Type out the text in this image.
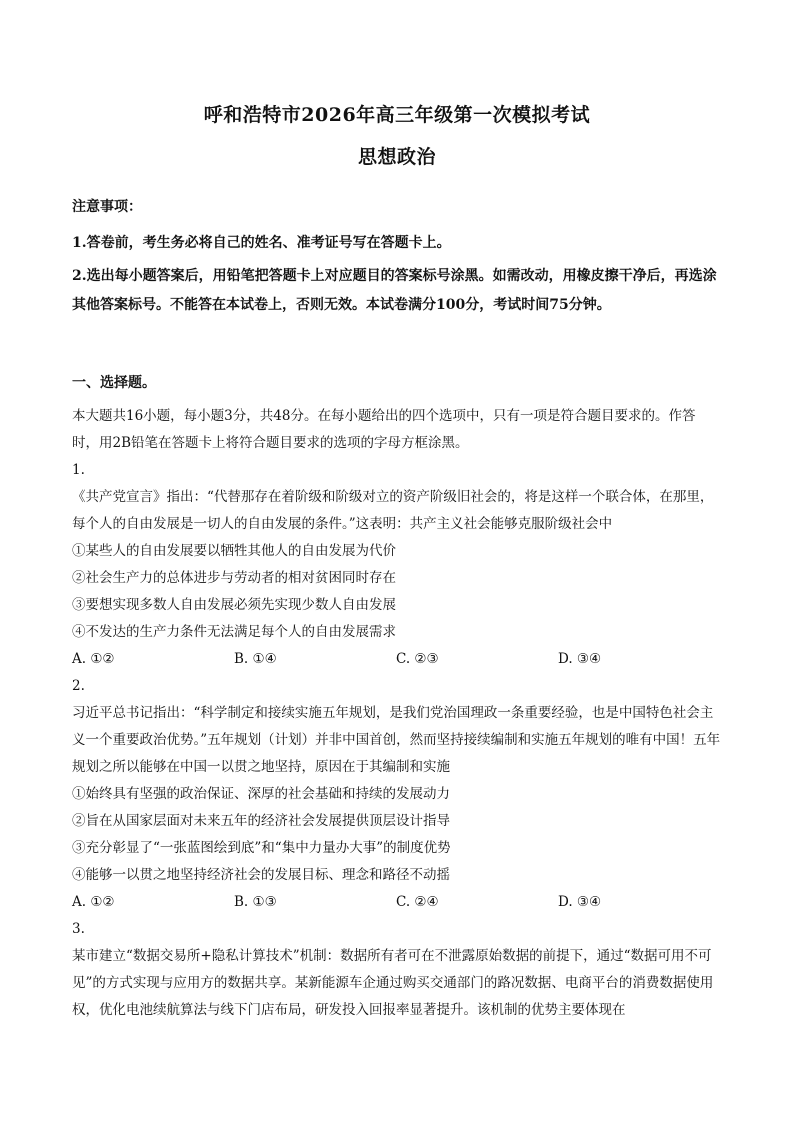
呼和浩特市2026年高三年级第一次模拟考试
思想政治
注意事项：
1.答卷前，考生务必将自己的姓名、准考证号写在答题卡上。
2.选出每小题答案后，用铅笔把答题卡上对应题目的答案标号涂黑。如需改动，用橡皮擦干净后，再选涂其他答案标号。不能答在本试卷上，否则无效。本试卷满分100分，考试时间75分钟。
一、选择题。

本大题共16小题，每小题3分，共48分。在每小题给出的四个选项中，只有一项是符合题目要求的。作答时，用2B铅笔在答题卡上将符合题目要求的选项的字母方框涂黑。

1.

《共产党宣言》指出：“代替那存在着阶级和阶级对立的资产阶级旧社会的，将是这样一个联合体，在那里，每个人的自由发展是一切人的自由发展的条件。”这表明：共产主义社会能够克服阶级社会中

①某些人的自由发展要以牺牲其他人的自由发展为代价

②社会生产力的总体进步与劳动者的相对贫困同时存在

③要想实现多数人自由发展必须先实现少数人自由发展

④不发达的生产力条件无法满足每个人的自由发展需求

A. ①②	B. ①④	C. ②③	D. ③④

2.

习近平总书记指出：“科学制定和接续实施五年规划，是我们党治国理政一条重要经验，也是中国特色社会主义一个重要政治优势。”五年规划（计划）并非中国首创，然而坚持接续编制和实施五年规划的唯有中国！五年规划之所以能够在中国一以贯之地坚持，原因在于其编制和实施

①始终具有坚强的政治保证、深厚的社会基础和持续的发展动力

②旨在从国家层面对未来五年的经济社会发展提供顶层设计指导

③充分彰显了“一张蓝图绘到底”和“集中力量办大事”的制度优势

④能够一以贯之地坚持经济社会的发展目标、理念和路径不动摇

A. ①②	B. ①③	C. ②④	D. ③④

3.

某市建立“数据交易所+隐私计算技术”机制：数据所有者可在不泄露原始数据的前提下，通过“数据可用不可见”的方式实现与应用方的数据共享。某新能源车企通过购买交通部门的路况数据、电商平台的消费数据使用权，优化电池续航算法与线下门店布局，研发投入回报率显著提升。该机制的优势主要体现在
